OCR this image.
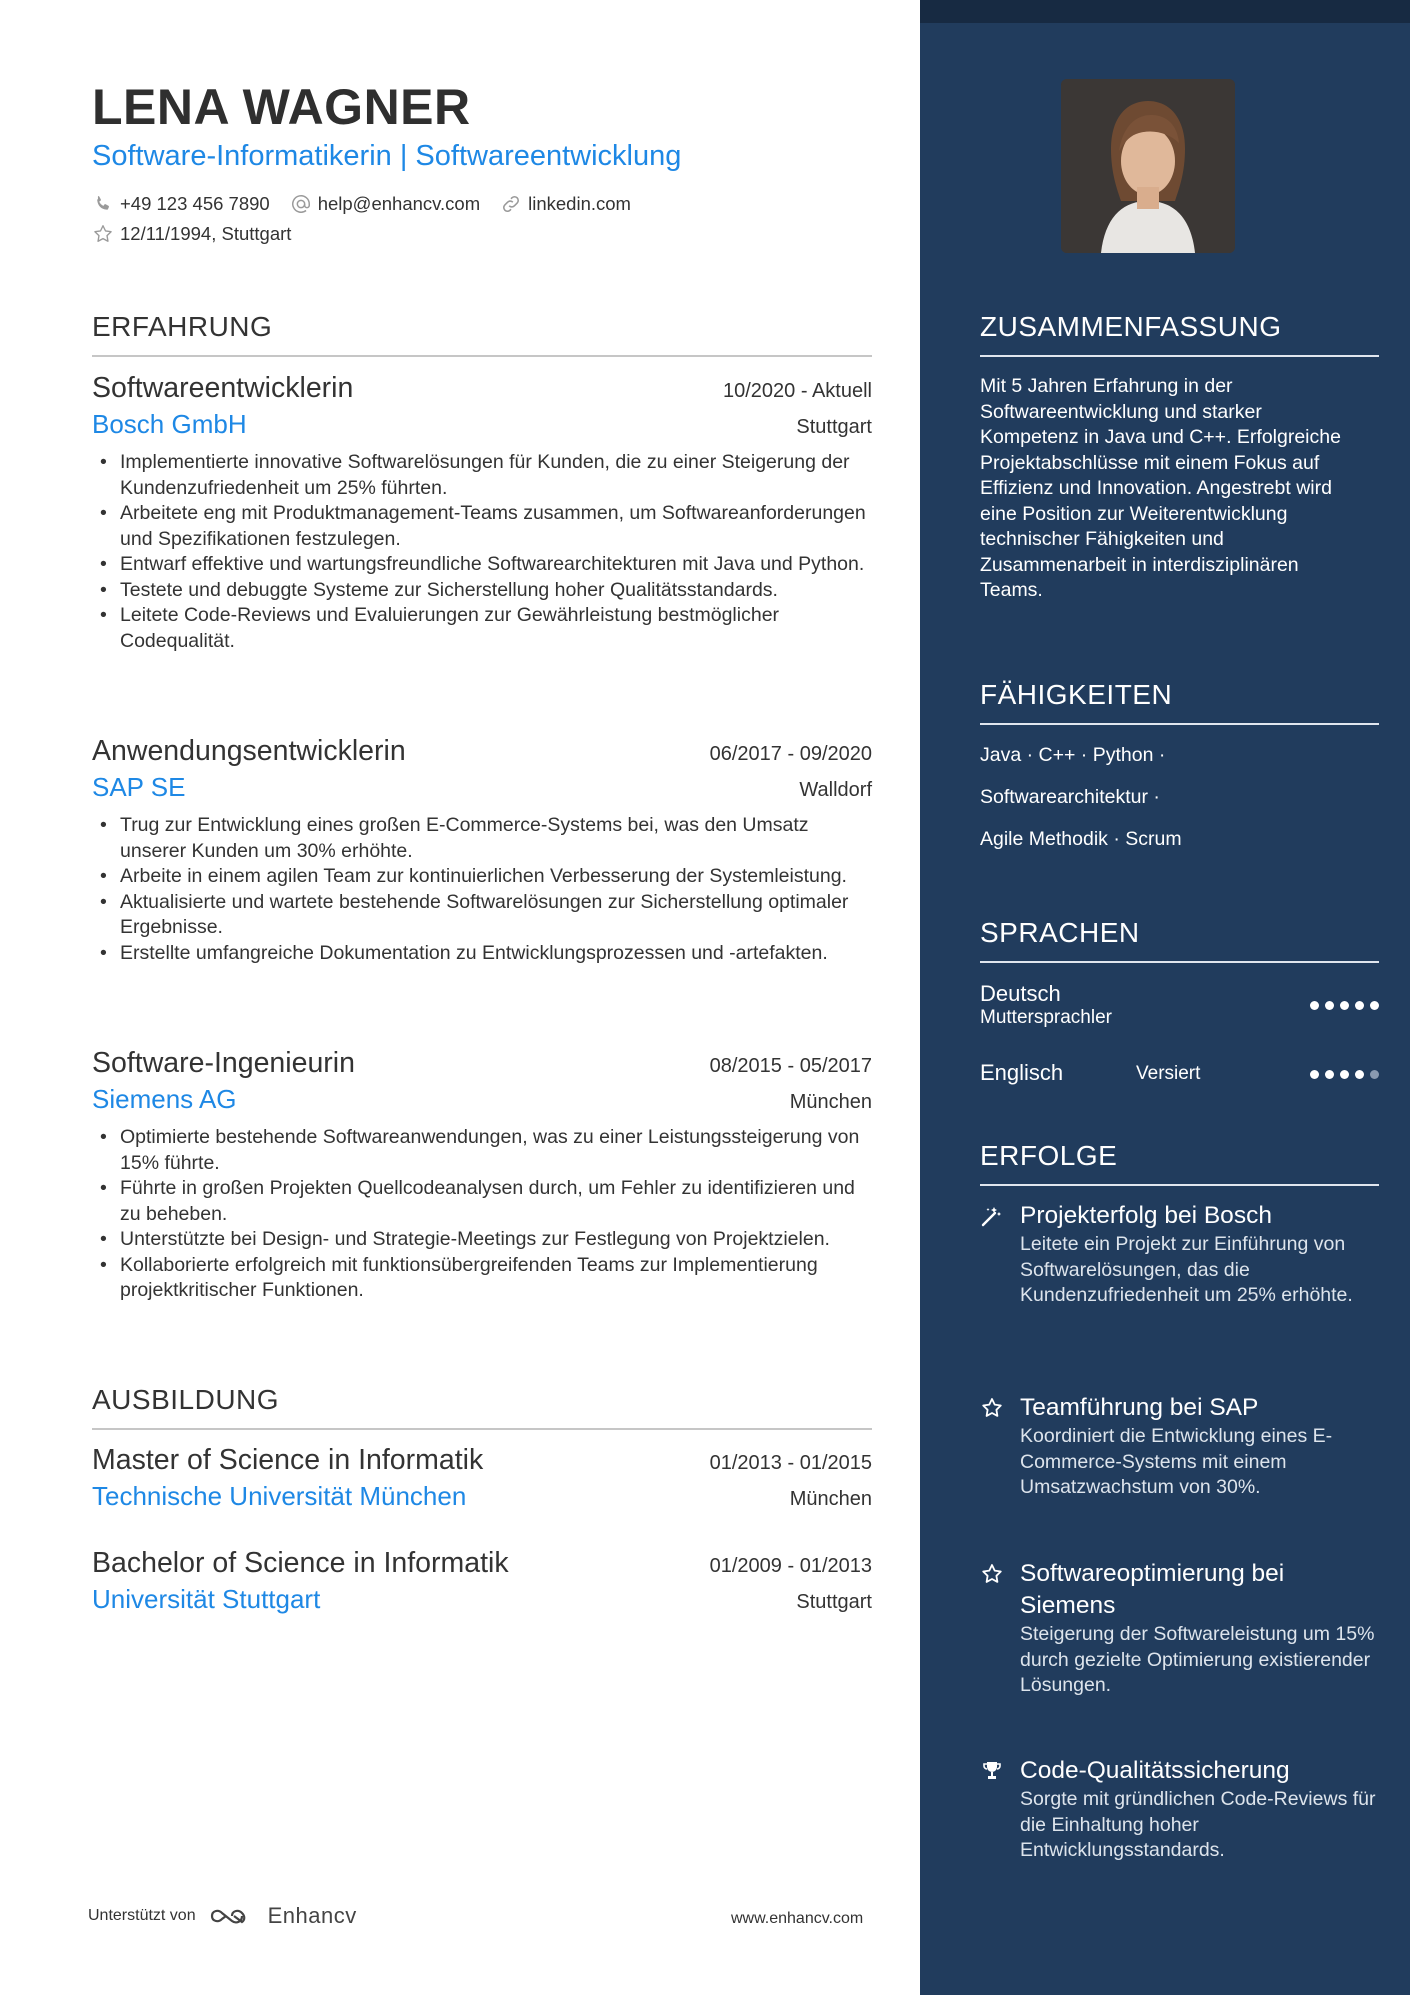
LENA WAGNER
Software-Informatikerin | Softwareentwicklung
+49 123 456 7890	help@enhancv.com	linkedin.com
12/11/1994, Stuttgart
ERFAHRUNG
Softwareentwicklerin	10/2020 - Aktuell
Bosch GmbH	Stuttgart
• Implementierte innovative Softwarelösungen für Kunden, die zu einer Steigerung der Kundenzufriedenheit um 25% führten.
• Arbeitete eng mit Produktmanagement-Teams zusammen, um Softwareanforderungen und Spezifikationen festzulegen.
• Entwarf effektive und wartungsfreundliche Softwarearchitekturen mit Java und Python.
• Testete und debuggte Systeme zur Sicherstellung hoher Qualitätsstandards.
• Leitete Code-Reviews und Evaluierungen zur Gewährleistung bestmöglicher Codequalität.
Anwendungsentwicklerin	06/2017 - 09/2020
SAP SE	Walldorf
• Trug zur Entwicklung eines großen E-Commerce-Systems bei, was den Umsatz unserer Kunden um 30% erhöhte.
• Arbeite in einem agilen Team zur kontinuierlichen Verbesserung der Systemleistung.
• Aktualisierte und wartete bestehende Softwarelösungen zur Sicherstellung optimaler Ergebnisse.
• Erstellte umfangreiche Dokumentation zu Entwicklungsprozessen und -artefakten.
Software-Ingenieurin	08/2015 - 05/2017
Siemens AG	München
• Optimierte bestehende Softwareanwendungen, was zu einer Leistungssteigerung von 15% führte.
• Führte in großen Projekten Quellcodeanalysen durch, um Fehler zu identifizieren und zu beheben.
• Unterstützte bei Design- und Strategie-Meetings zur Festlegung von Projektzielen.
• Kollaborierte erfolgreich mit funktionsübergreifenden Teams zur Implementierung projektkritischer Funktionen.
AUSBILDUNG
Master of Science in Informatik	01/2013 - 01/2015
Technische Universität München	München
Bachelor of Science in Informatik	01/2009 - 01/2013
Universität Stuttgart	Stuttgart
Unterstützt von	Enhancv	www.enhancv.com
ZUSAMMENFASSUNG
Mit 5 Jahren Erfahrung in der Softwareentwicklung und starker Kompetenz in Java und C++. Erfolgreiche Projektabschlüsse mit einem Fokus auf Effizienz und Innovation. Angestrebt wird eine Position zur Weiterentwicklung technischer Fähigkeiten und Zusammenarbeit in interdisziplinären Teams.
FÄHIGKEITEN
Java · C++ · Python ·
Softwarearchitektur ·
Agile Methodik · Scrum
SPRACHEN
Deutsch
Muttersprachler
Englisch	Versiert
ERFOLGE
Projekterfolg bei Bosch
Leitete ein Projekt zur Einführung von Softwarelösungen, das die Kundenzufriedenheit um 25% erhöhte.
Teamführung bei SAP
Koordiniert die Entwicklung eines E-Commerce-Systems mit einem Umsatzwachstum von 30%.
Softwareoptimierung bei Siemens
Steigerung der Softwareleistung um 15% durch gezielte Optimierung existierender Lösungen.
Code-Qualitätssicherung
Sorgte mit gründlichen Code-Reviews für die Einhaltung hoher Entwicklungsstandards.
